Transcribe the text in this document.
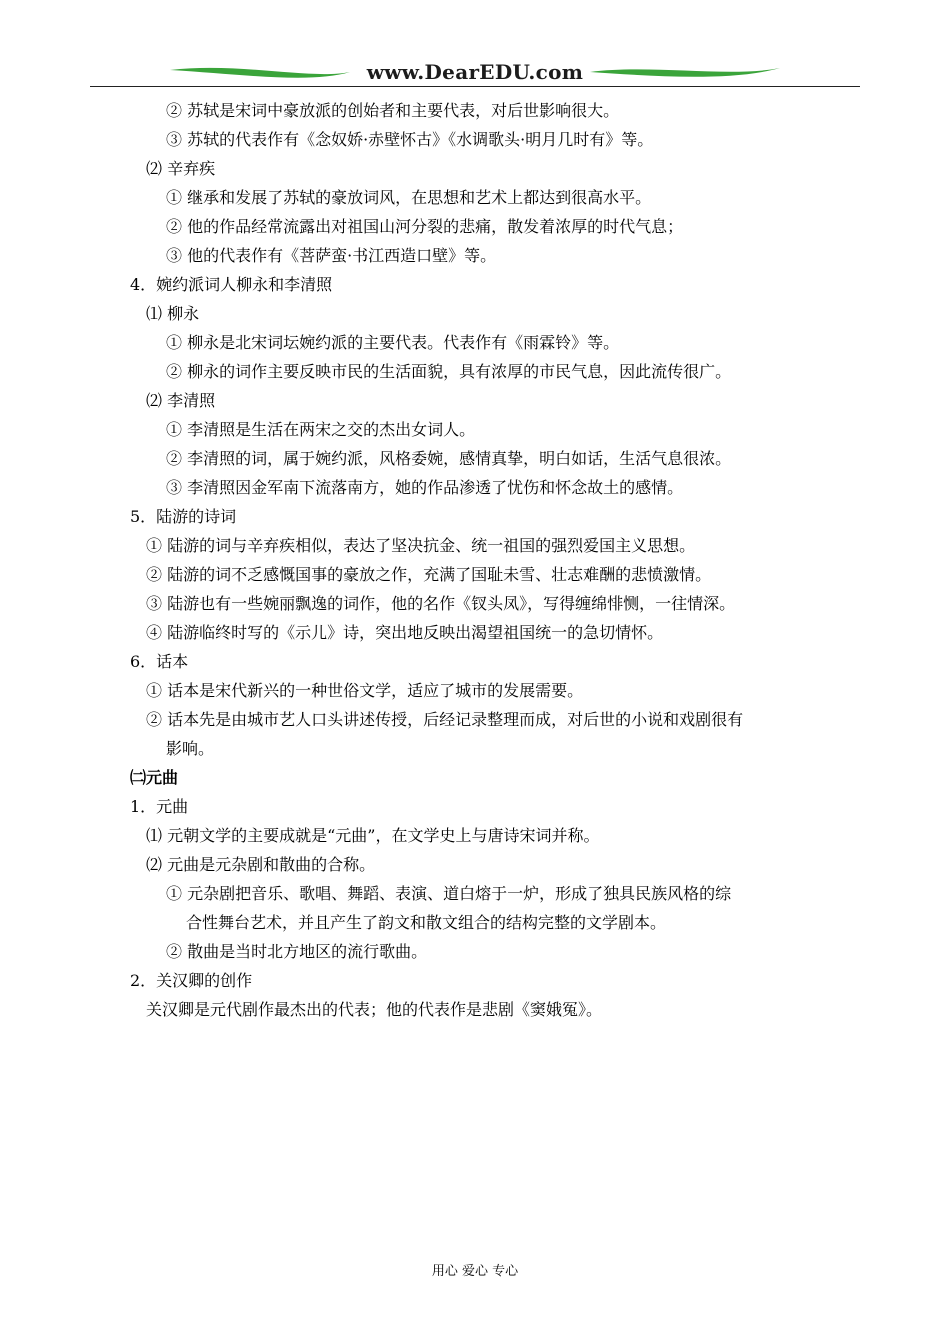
www.DearEDU.com
② 苏轼是宋词中豪放派的创始者和主要代表，对后世影响很大。
③ 苏轼的代表作有《念奴娇·赤壁怀古》《水调歌头·明月几时有》等。
⑵ 辛弃疾
① 继承和发展了苏轼的豪放词风，在思想和艺术上都达到很高水平。
② 他的作品经常流露出对祖国山河分裂的悲痛，散发着浓厚的时代气息；
③ 他的代表作有《菩萨蛮·书江西造口壁》等。
4．婉约派词人柳永和李清照
⑴ 柳永
① 柳永是北宋词坛婉约派的主要代表。代表作有《雨霖铃》等。
② 柳永的词作主要反映市民的生活面貌，具有浓厚的市民气息，因此流传很广。
⑵ 李清照
① 李清照是生活在两宋之交的杰出女词人。
② 李清照的词，属于婉约派，风格委婉，感情真挚，明白如话，生活气息很浓。
③ 李清照因金军南下流落南方，她的作品渗透了忧伤和怀念故土的感情。
5．陆游的诗词
① 陆游的词与辛弃疾相似，表达了坚决抗金、统一祖国的强烈爱国主义思想。
② 陆游的词不乏感慨国事的豪放之作，充满了国耻未雪、壮志难酬的悲愤激情。
③ 陆游也有一些婉丽飘逸的词作，他的名作《钗头凤》，写得缠绵悱恻，一往情深。
④ 陆游临终时写的《示儿》诗，突出地反映出渴望祖国统一的急切情怀。
6．话本
① 话本是宋代新兴的一种世俗文学，适应了城市的发展需要。
② 话本先是由城市艺人口头讲述传授，后经记录整理而成，对后世的小说和戏剧很有
影响。
㈡元曲
1．元曲
⑴ 元朝文学的主要成就是“元曲”，在文学史上与唐诗宋词并称。
⑵ 元曲是元杂剧和散曲的合称。
① 元杂剧把音乐、歌唱、舞蹈、表演、道白熔于一炉，形成了独具民族风格的综
合性舞台艺术，并且产生了韵文和散文组合的结构完整的文学剧本。
② 散曲是当时北方地区的流行歌曲。
2．关汉卿的创作
关汉卿是元代剧作最杰出的代表；他的代表作是悲剧《窦娥冤》。
用心 爱心 专心
